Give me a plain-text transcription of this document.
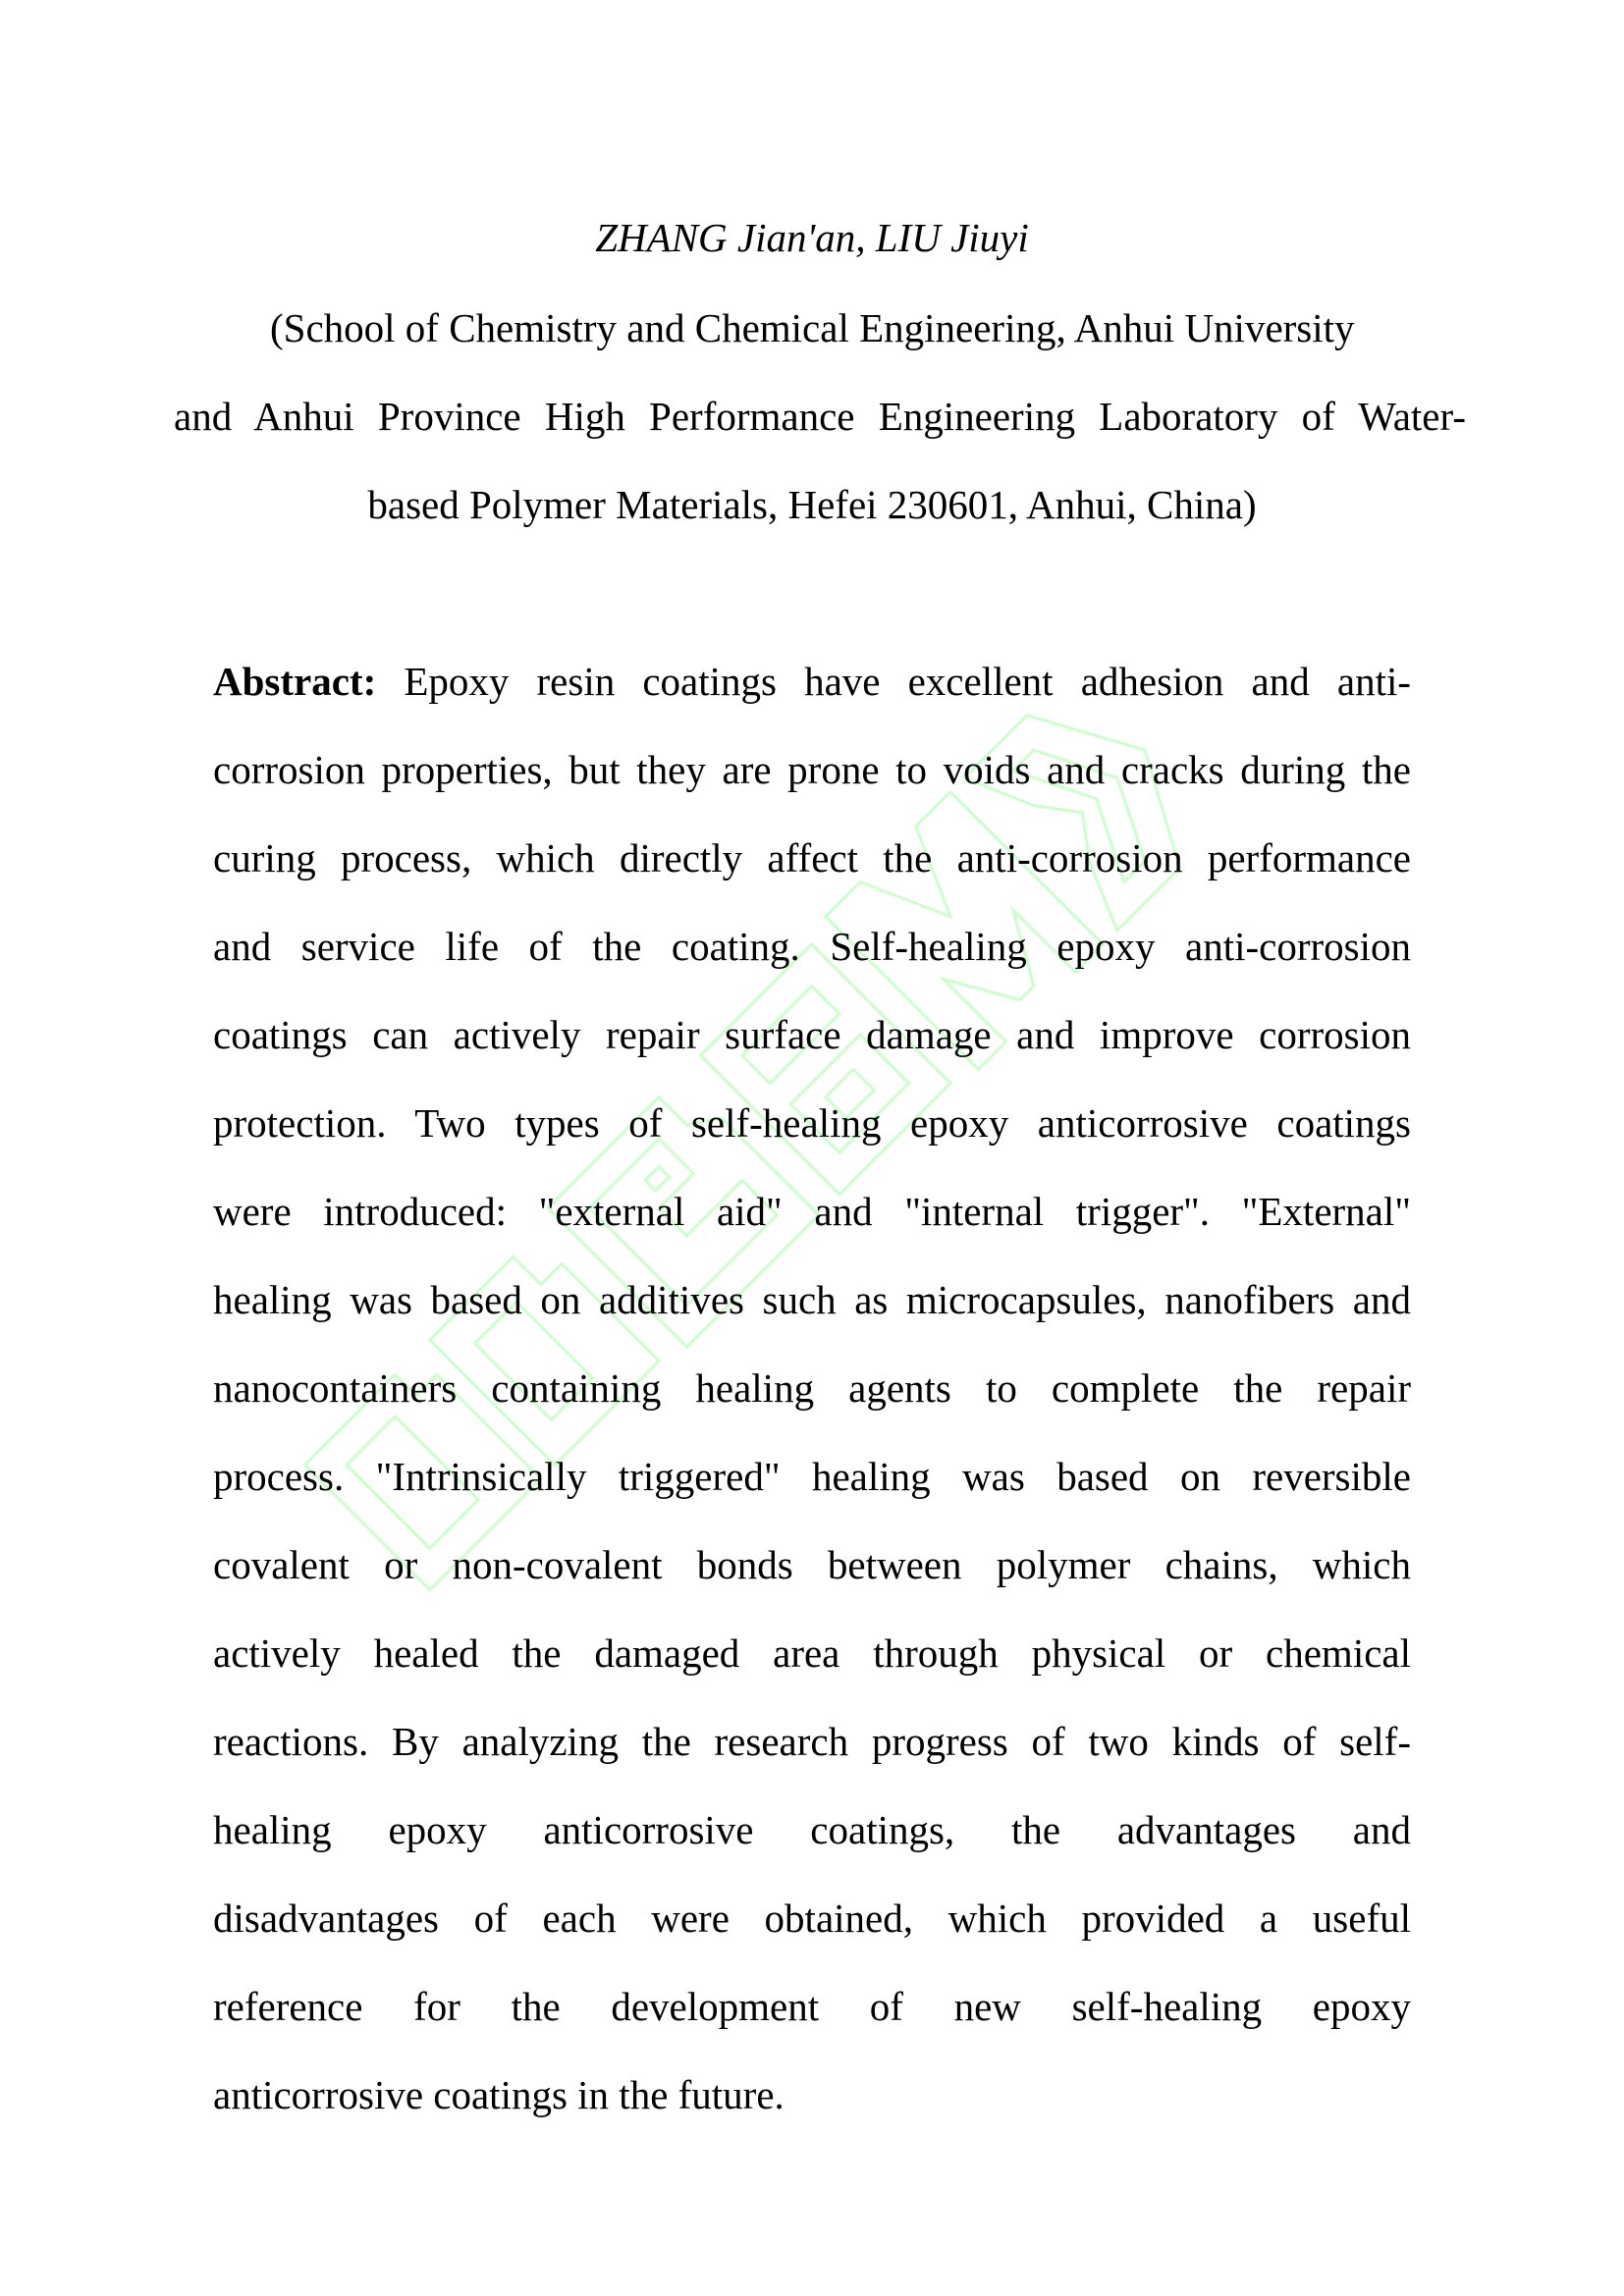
ZHANG Jian'an, LIU Jiuyi
(School of Chemistry and Chemical Engineering, Anhui University
and Anhui Province High Performance Engineering Laboratory of Water-
based Polymer Materials, Hefei 230601, Anhui, China)
Abstract: Epoxy resin coatings have excellent adhesion and anti-
corrosion properties, but they are prone to voids and cracks during the
curing process, which directly affect the anti-corrosion performance
and service life of the coating. Self-healing epoxy anti-corrosion
coatings can actively repair surface damage and improve corrosion
protection. Two types of self-healing epoxy anticorrosive coatings
were introduced: "external aid" and "internal trigger". "External"
healing was based on additives such as microcapsules, nanofibers and
nanocontainers containing healing agents to complete the repair
process. "Intrinsically triggered" healing was based on reversible
covalent or non-covalent bonds between polymer chains, which
actively healed the damaged area through physical or chemical
reactions. By analyzing the research progress of two kinds of self-
healing epoxy anticorrosive coatings, the advantages and
disadvantages of each were obtained, which provided a useful
reference for the development of new self-healing epoxy
anticorrosive coatings in the future.
